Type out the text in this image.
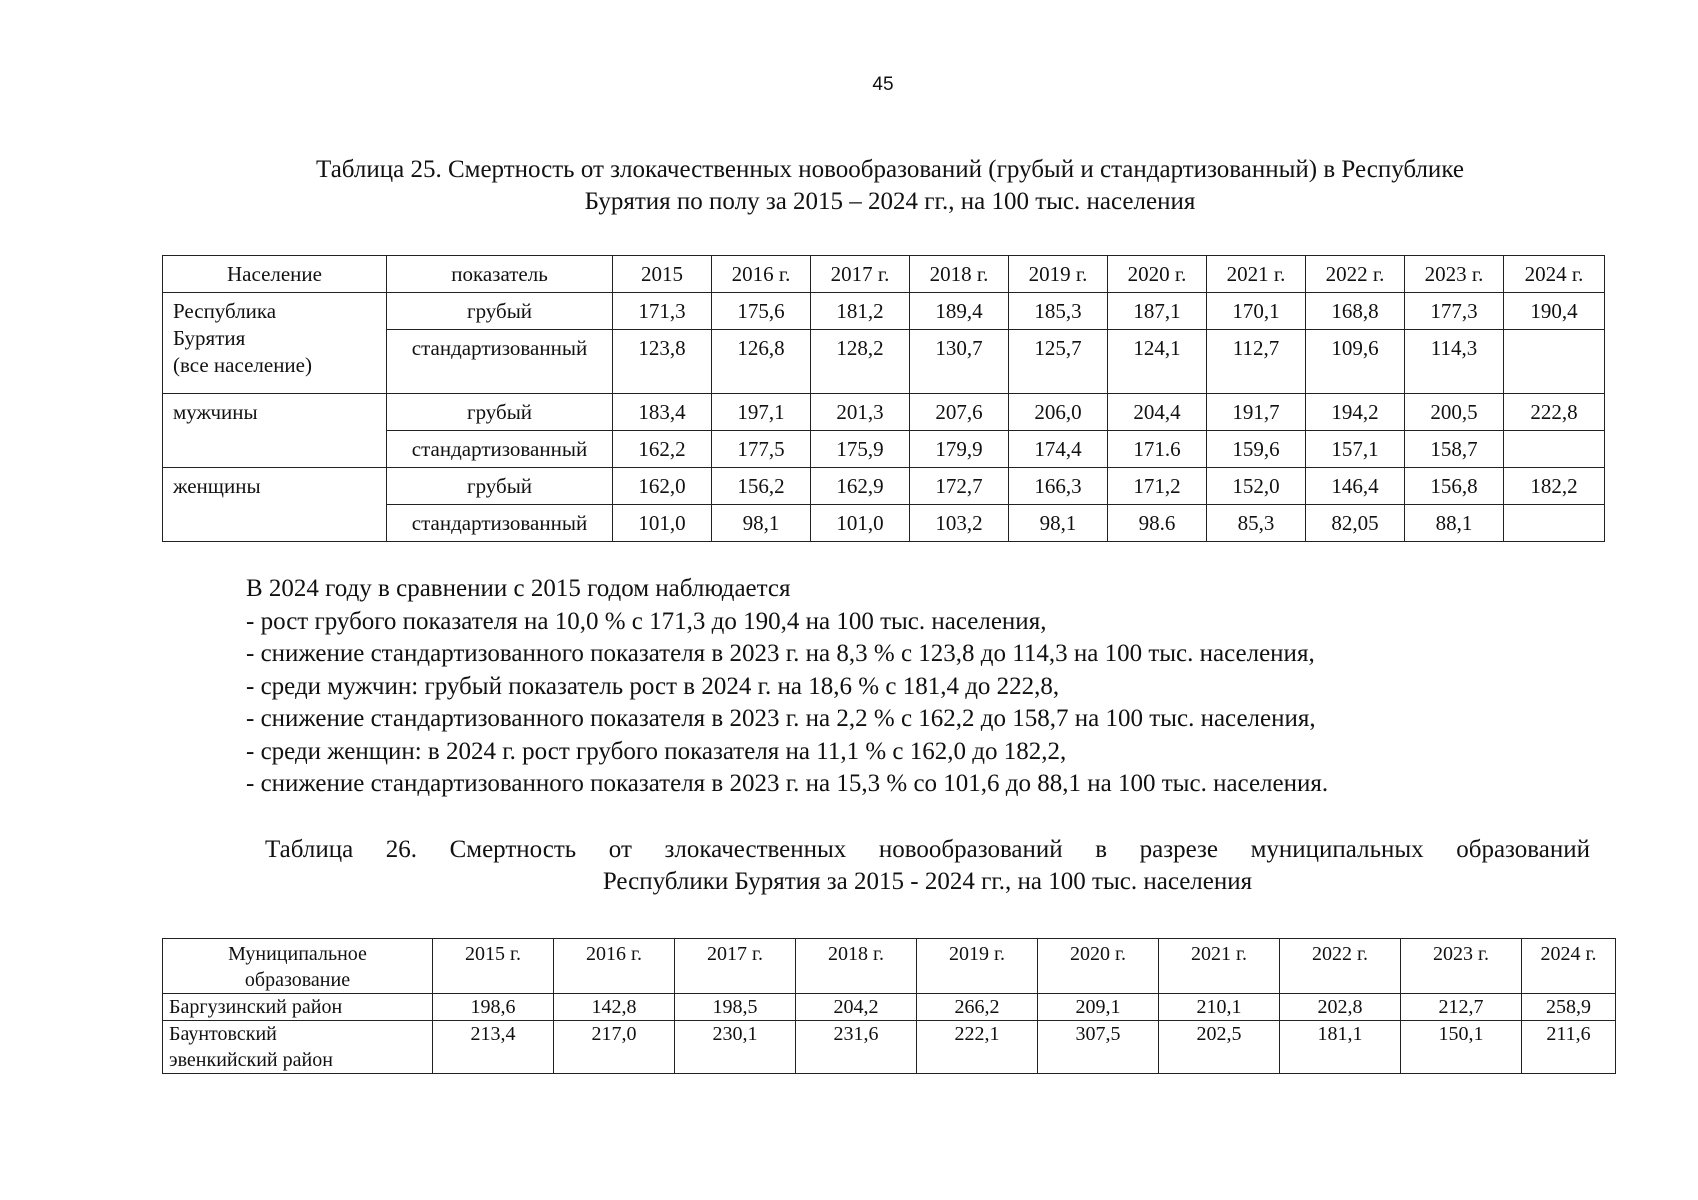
45
Таблица 25. Смертность от злокачественных новообразований (грубый и стандартизованный) в Республике
Бурятия по полу за 2015 – 2024 гг., на 100 тыс. населения
Население	показатель	2015	2016 г.	2017 г.	2018 г.	2019 г.	2020 г.	2021 г.	2022 г.	2023 г.	2024 г.

Республика
Бурятия
(все население)	грубый	171,3	175,6	181,2	189,4	185,3	187,1	170,1	168,8	177,3	190,4
	стандартизованный	123,8	126,8	128,2	130,7	125,7	124,1	112,7	109,6	114,3	

мужчины	грубый	183,4	197,1	201,3	207,6	206,0	204,4	191,7	194,2	200,5	222,8
	стандартизованный	162,2	177,5	175,9	179,9	174,4	171.6	159,6	157,1	158,7	

женщины	грубый	162,0	156,2	162,9	172,7	166,3	171,2	152,0	146,4	156,8	182,2
	стандартизованный	101,0	98,1	101,0	103,2	98,1	98.6	85,3	82,05	88,1	
В 2024 году в сравнении с 2015 годом наблюдается
- рост грубого показателя на 10,0 % с 171,3 до 190,4 на 100 тыс. населения,
- снижение стандартизованного показателя в 2023 г. на 8,3 % с 123,8 до 114,3 на 100 тыс. населения,
- среди мужчин: грубый показатель рост в 2024 г. на 18,6 % с 181,4 до 222,8,
- снижение стандартизованного показателя в 2023 г. на 2,2 % с 162,2 до 158,7 на 100 тыс. населения,
- среди женщин: в 2024 г. рост грубого показателя на 11,1 % с 162,0 до 182,2,
- снижение стандартизованного показателя в 2023 г. на 15,3 % со 101,6 до 88,1 на 100 тыс. населения.
Таблица 26. Смертность от злокачественных новообразований в разрезе муниципальных образований
Республики Бурятия за 2015 - 2024 гг., на 100 тыс. населения
Муниципальное
образование	2015 г.	2016 г.	2017 г.	2018 г.	2019 г.	2020 г.	2021 г.	2022 г.	2023 г.	2024 г.

Баргузинский район	198,6	142,8	198,5	204,2	266,2	209,1	210,1	202,8	212,7	258,9

Баунтовский
эвенкийский район	213,4	217,0	230,1	231,6	222,1	307,5	202,5	181,1	150,1	211,6
